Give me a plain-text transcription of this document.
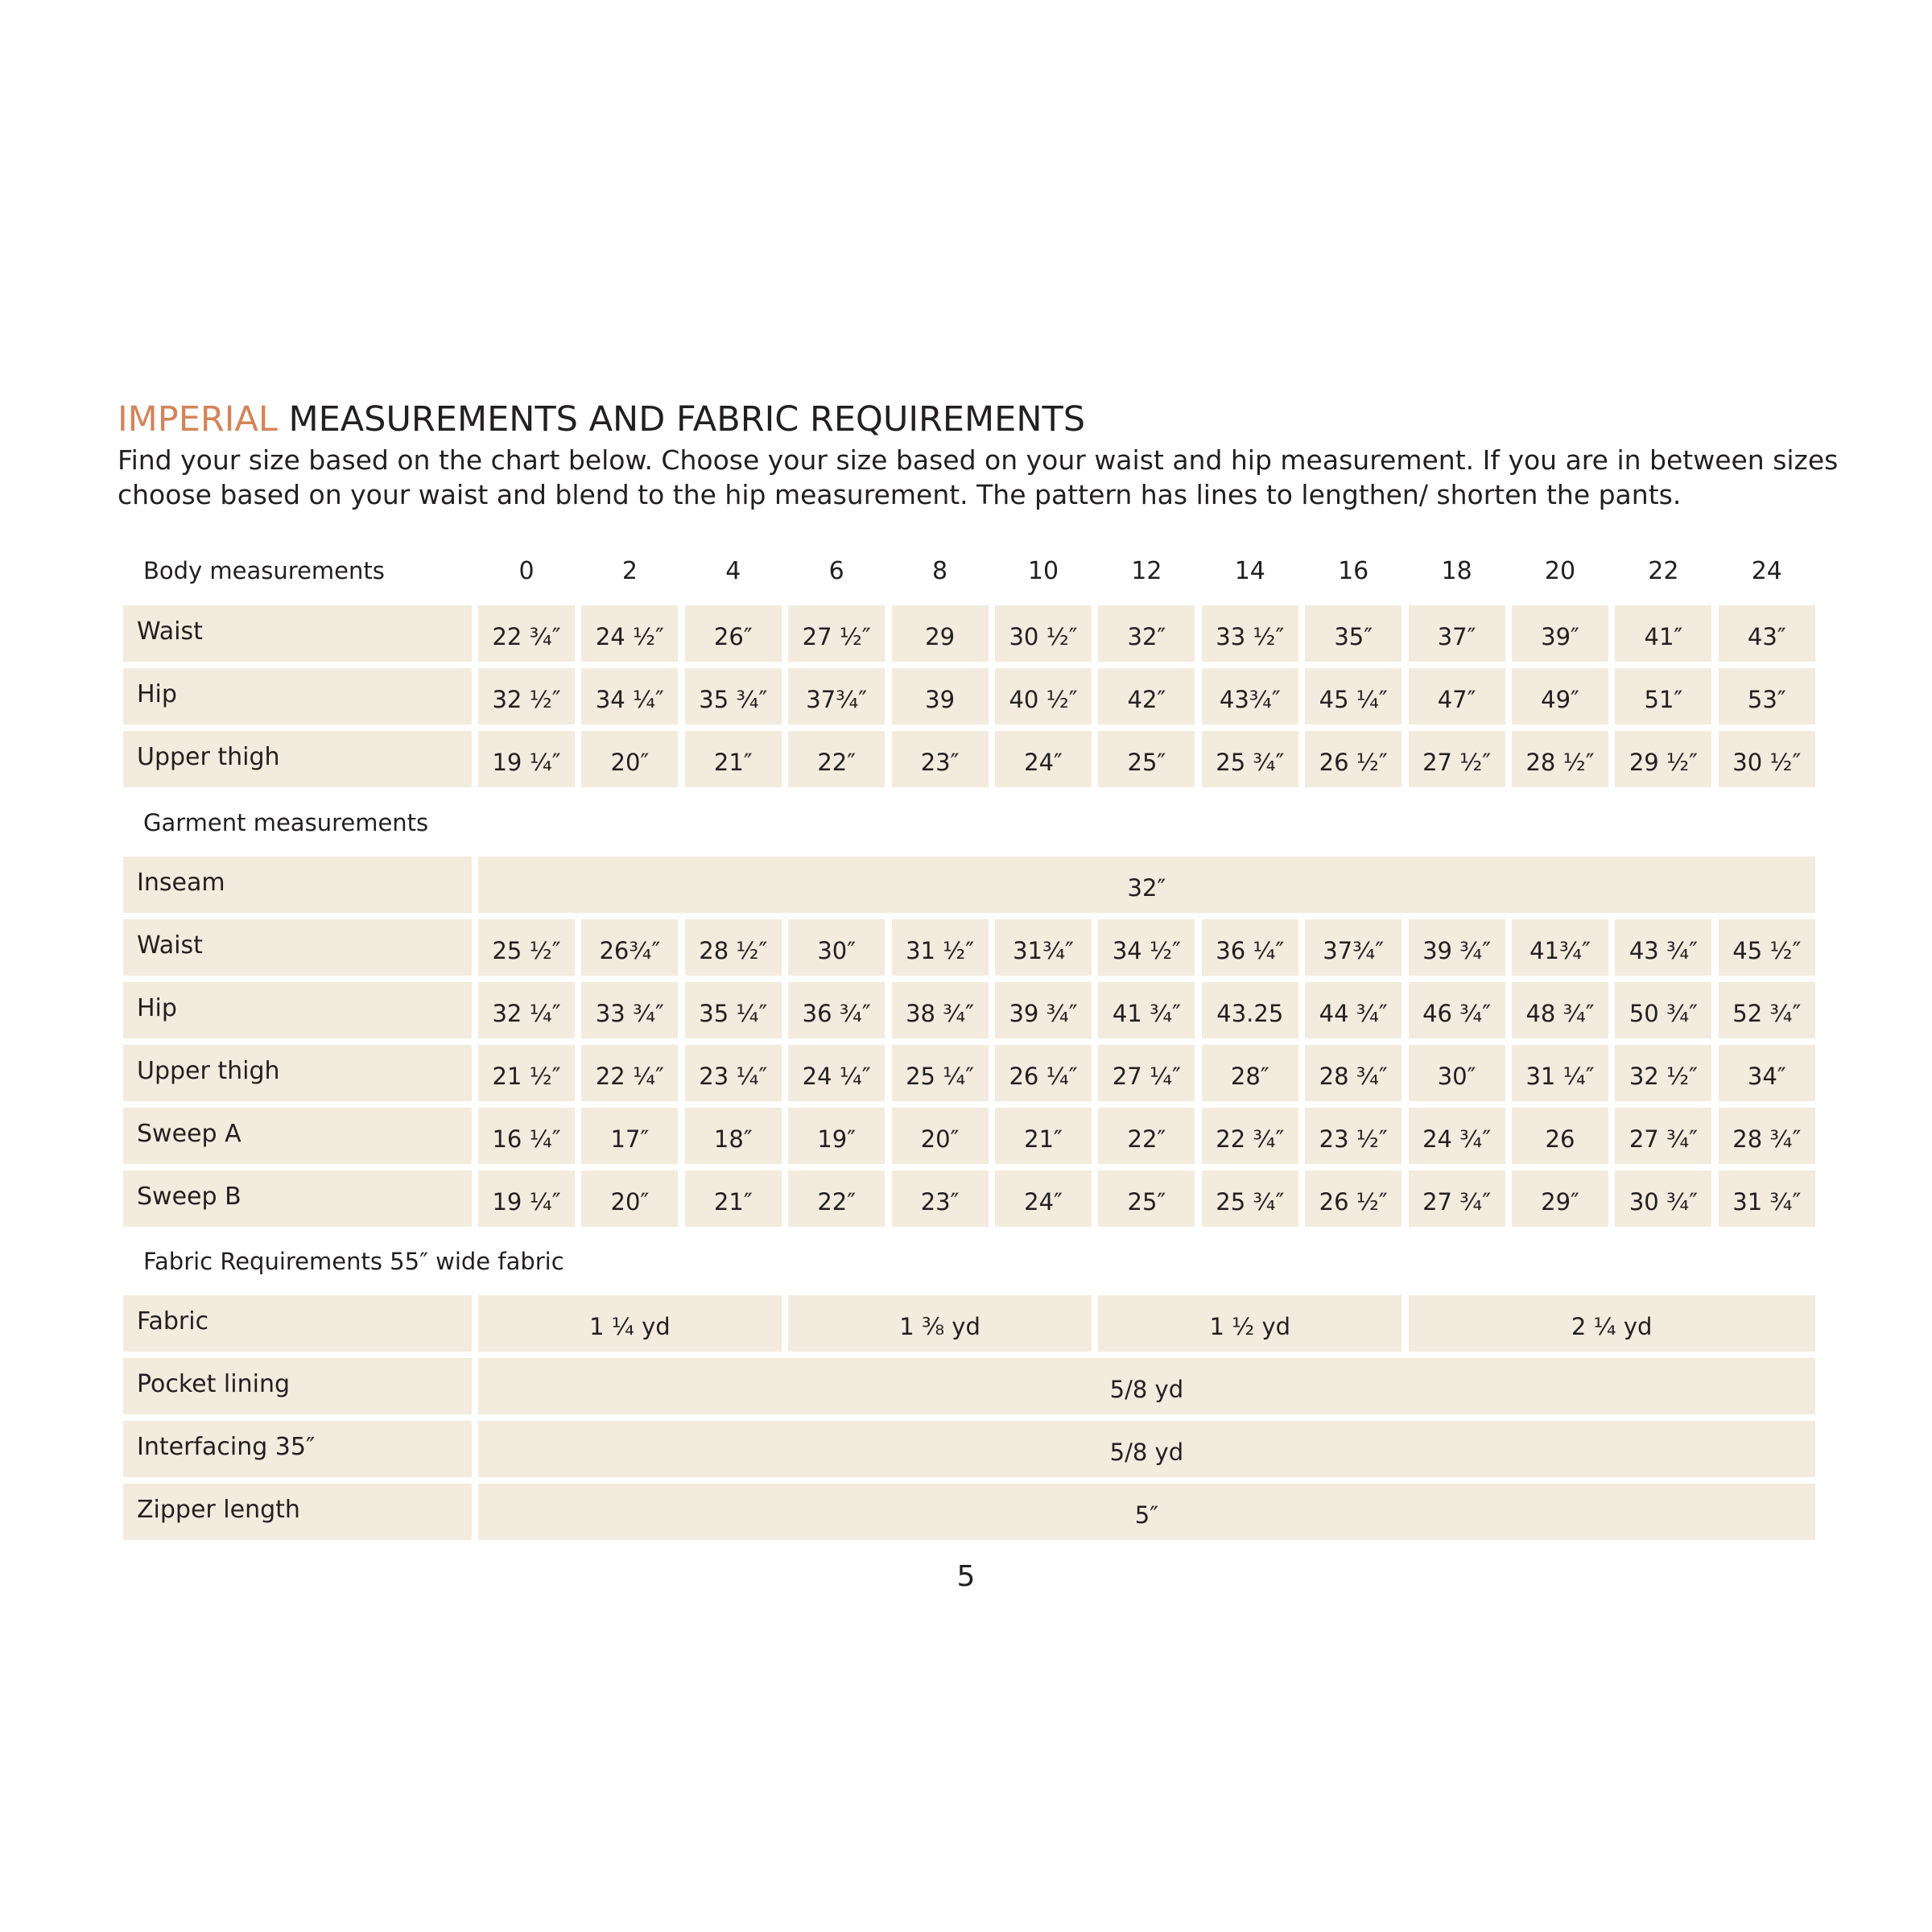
IMPERIAL MEASUREMENTS AND FABRIC REQUIREMENTS
Find your size based on the chart below. Choose your size based on your waist and hip measurement. If you are in between sizes
choose based on your waist and blend to the hip measurement. The pattern has lines to lengthen/ shorten the pants.
Body measurements	0	2	4	6	8	10	12	14	16	18	20	22	24
Waist	22 ¾″	24 ½″	26″	27 ½″	29	30 ½″	32″	33 ½″	35″	37″	39″	41″	43″
Hip	32 ½″	34 ¼″	35 ¾″	37¾″	39	40 ½″	42″	43¾″	45 ¼″	47″	49″	51″	53″
Upper thigh	19 ¼″	20″	21″	22″	23″	24″	25″	25 ¾″	26 ½″	27 ½″	28 ½″	29 ½″	30 ½″
Garment measurements
Inseam	32″
Waist	25 ½″	26¾″	28 ½″	30″	31 ½″	31¾″	34 ½″	36 ¼″	37¾″	39 ¾″	41¾″	43 ¾″	45 ½″
Hip	32 ¼″	33 ¾″	35 ¼″	36 ¾″	38 ¾″	39 ¾″	41 ¾″	43.25	44 ¾″	46 ¾″	48 ¾″	50 ¾″	52 ¾″
Upper thigh	21 ½″	22 ¼″	23 ¼″	24 ¼″	25 ¼″	26 ¼″	27 ¼″	28″	28 ¾″	30″	31 ¼″	32 ½″	34″
Sweep A	16 ¼″	17″	18″	19″	20″	21″	22″	22 ¾″	23 ½″	24 ¾″	26	27 ¾″	28 ¾″
Sweep B	19 ¼″	20″	21″	22″	23″	24″	25″	25 ¾″	26 ½″	27 ¾″	29″	30 ¾″	31 ¾″
Fabric Requirements 55″ wide fabric
Fabric	1 ¼ yd	1 ⅜ yd	1 ½ yd	2 ¼ yd
Pocket lining	5/8 yd
Interfacing 35″	5/8 yd
Zipper length	5″
5
